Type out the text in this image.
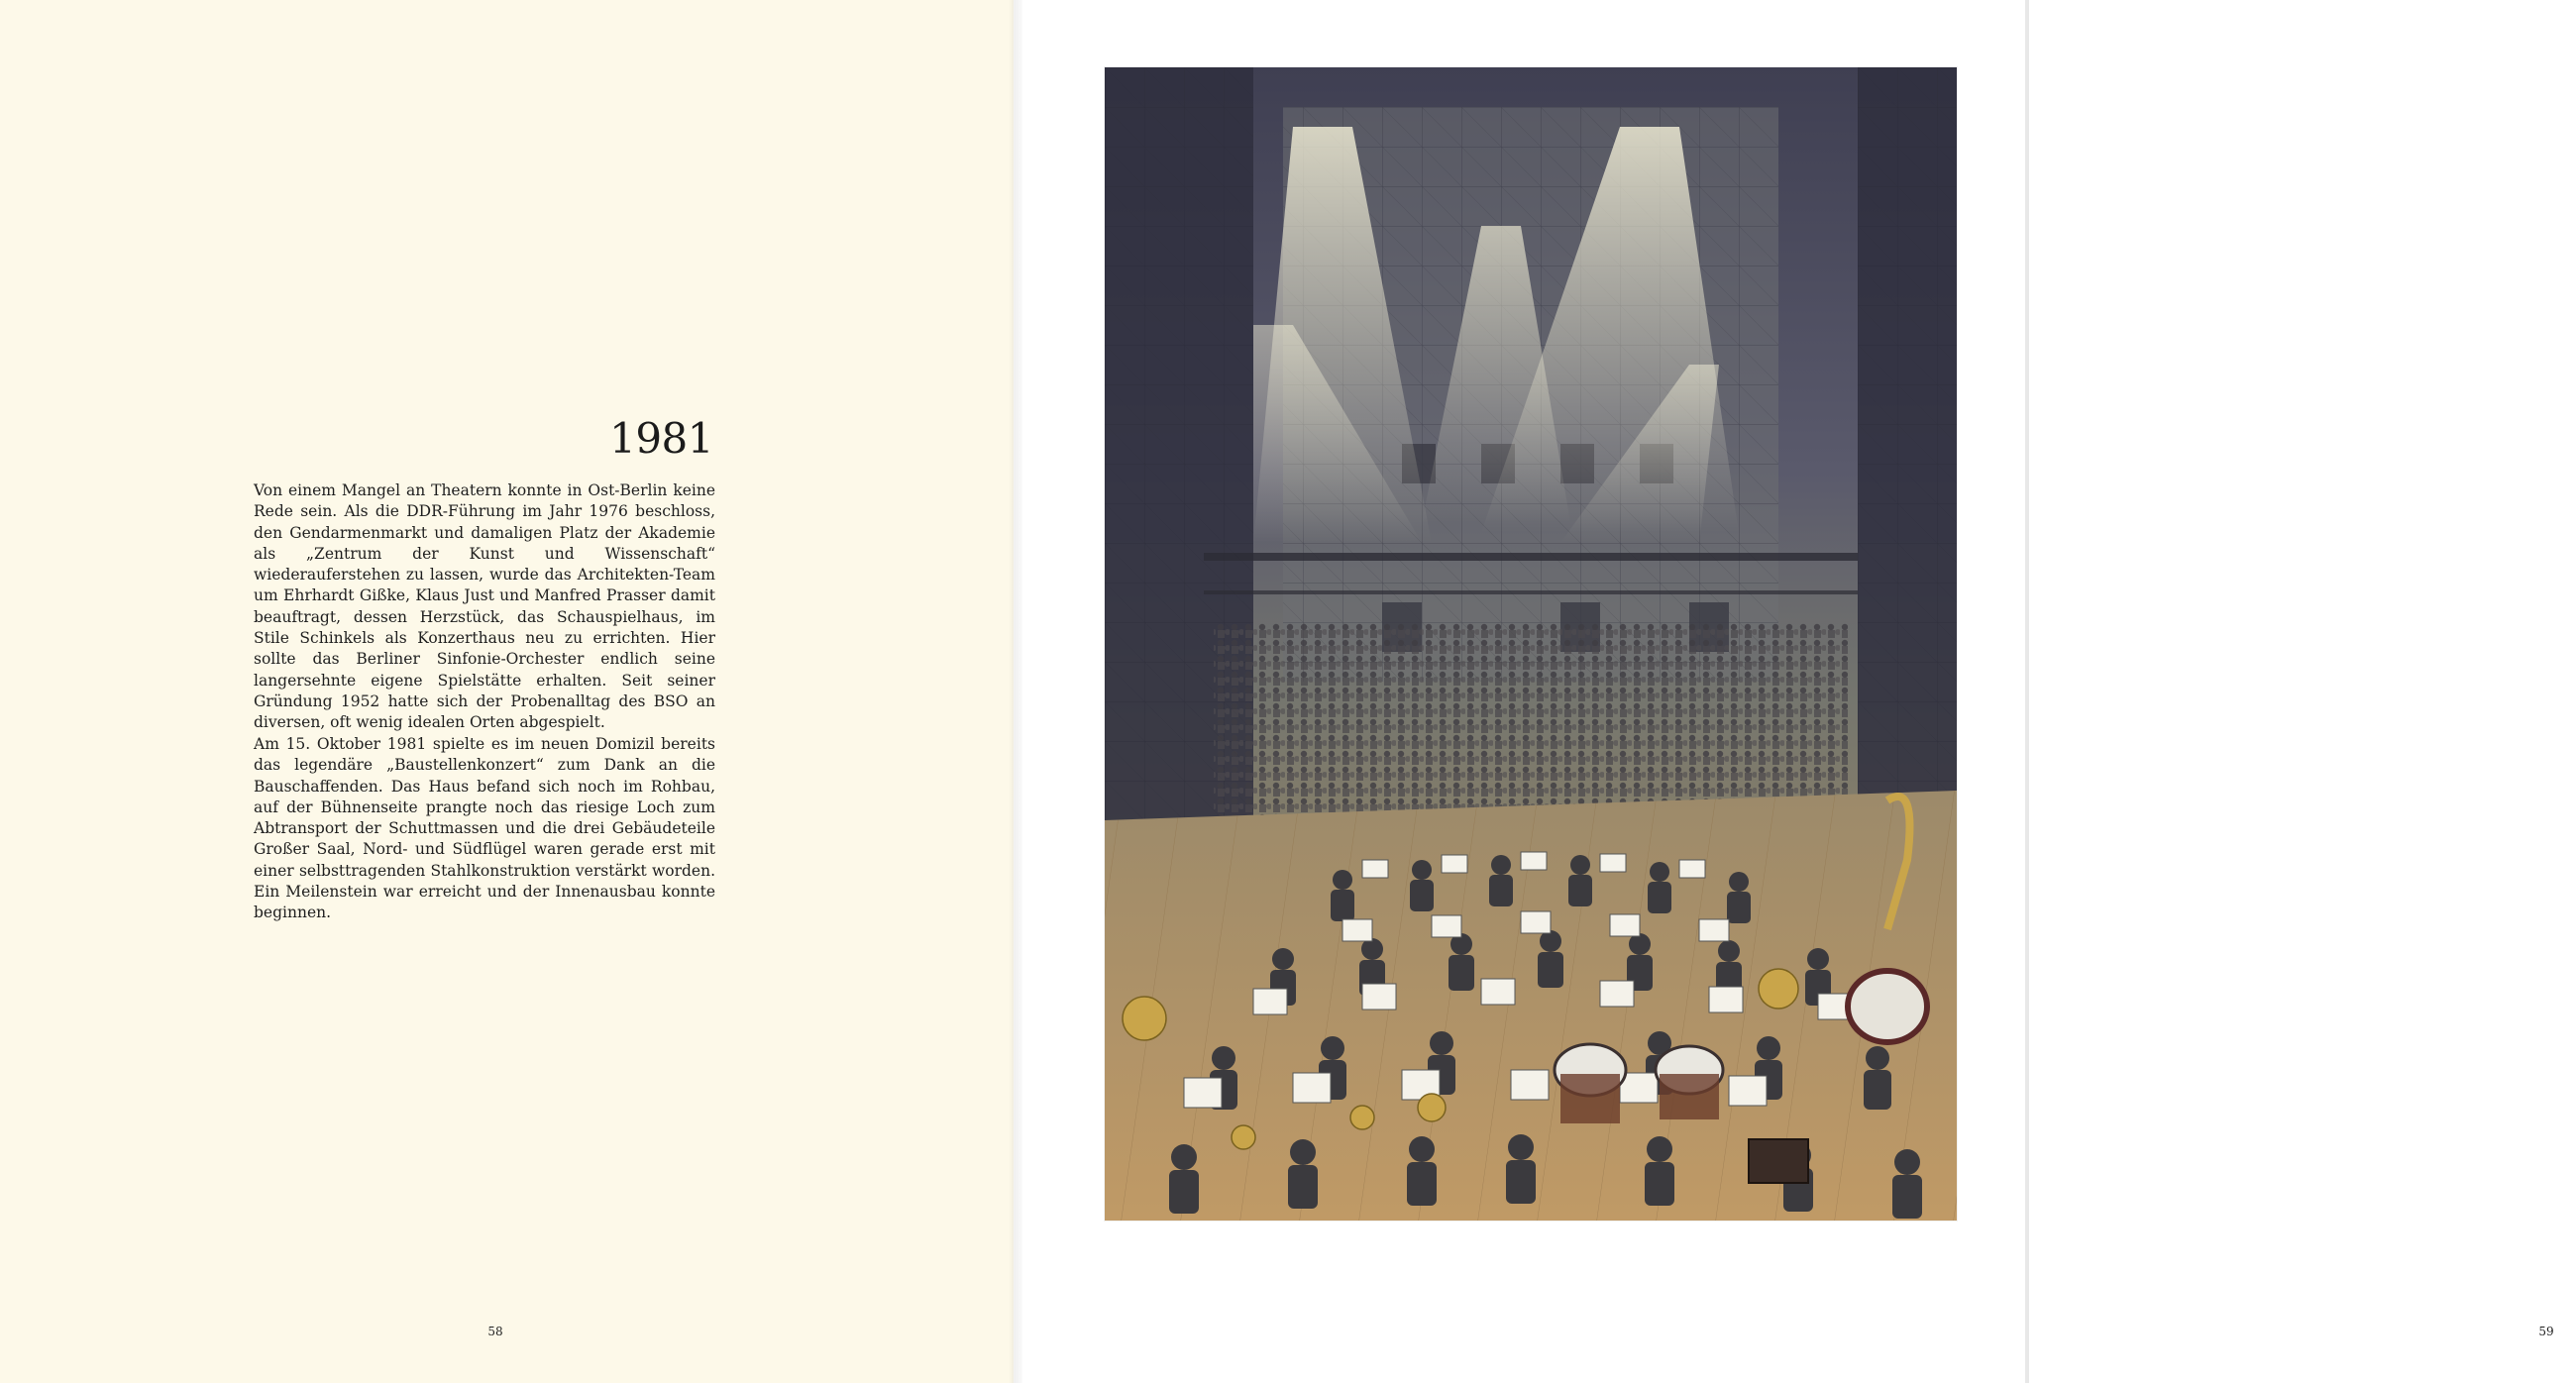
1981

Von einem Mangel an Theatern konnte in Ost-Berlin keine Rede sein. Als die DDR-Führung im Jahr 1976 beschloss, den Gendarmenmarkt und damaligen Platz der Akademie als „Zentrum der Kunst und Wissenschaft“ wiederauferstehen zu lassen, wurde das Architekten-Team um Ehrhardt Gißke, Klaus Just und Manfred Prasser damit beauftragt, dessen Herzstück, das Schauspielhaus, im Stile Schinkels als Konzerthaus neu zu errichten. Hier sollte das Berliner Sinfonie-Orchester endlich seine langersehnte eigene Spielstätte erhalten. Seit seiner Gründung 1952 hatte sich der Probenalltag des BSO an diversen, oft wenig idealen Orten abgespielt.

Am 15. Oktober 1981 spielte es im neuen Domizil bereits das legendäre „Baustellenkonzert“ zum Dank an die Bauschaffenden. Das Haus befand sich noch im Rohbau, auf der Bühnenseite prangte noch das riesige Loch zum Abtransport der Schuttmassen und die drei Gebäudeteile Großer Saal, Nord- und Südflügel waren gerade erst mit einer selbsttragenden Stahlkonstruktion verstärkt worden. Ein Meilenstein war erreicht und der Innenausbau konnte beginnen.

58	59
